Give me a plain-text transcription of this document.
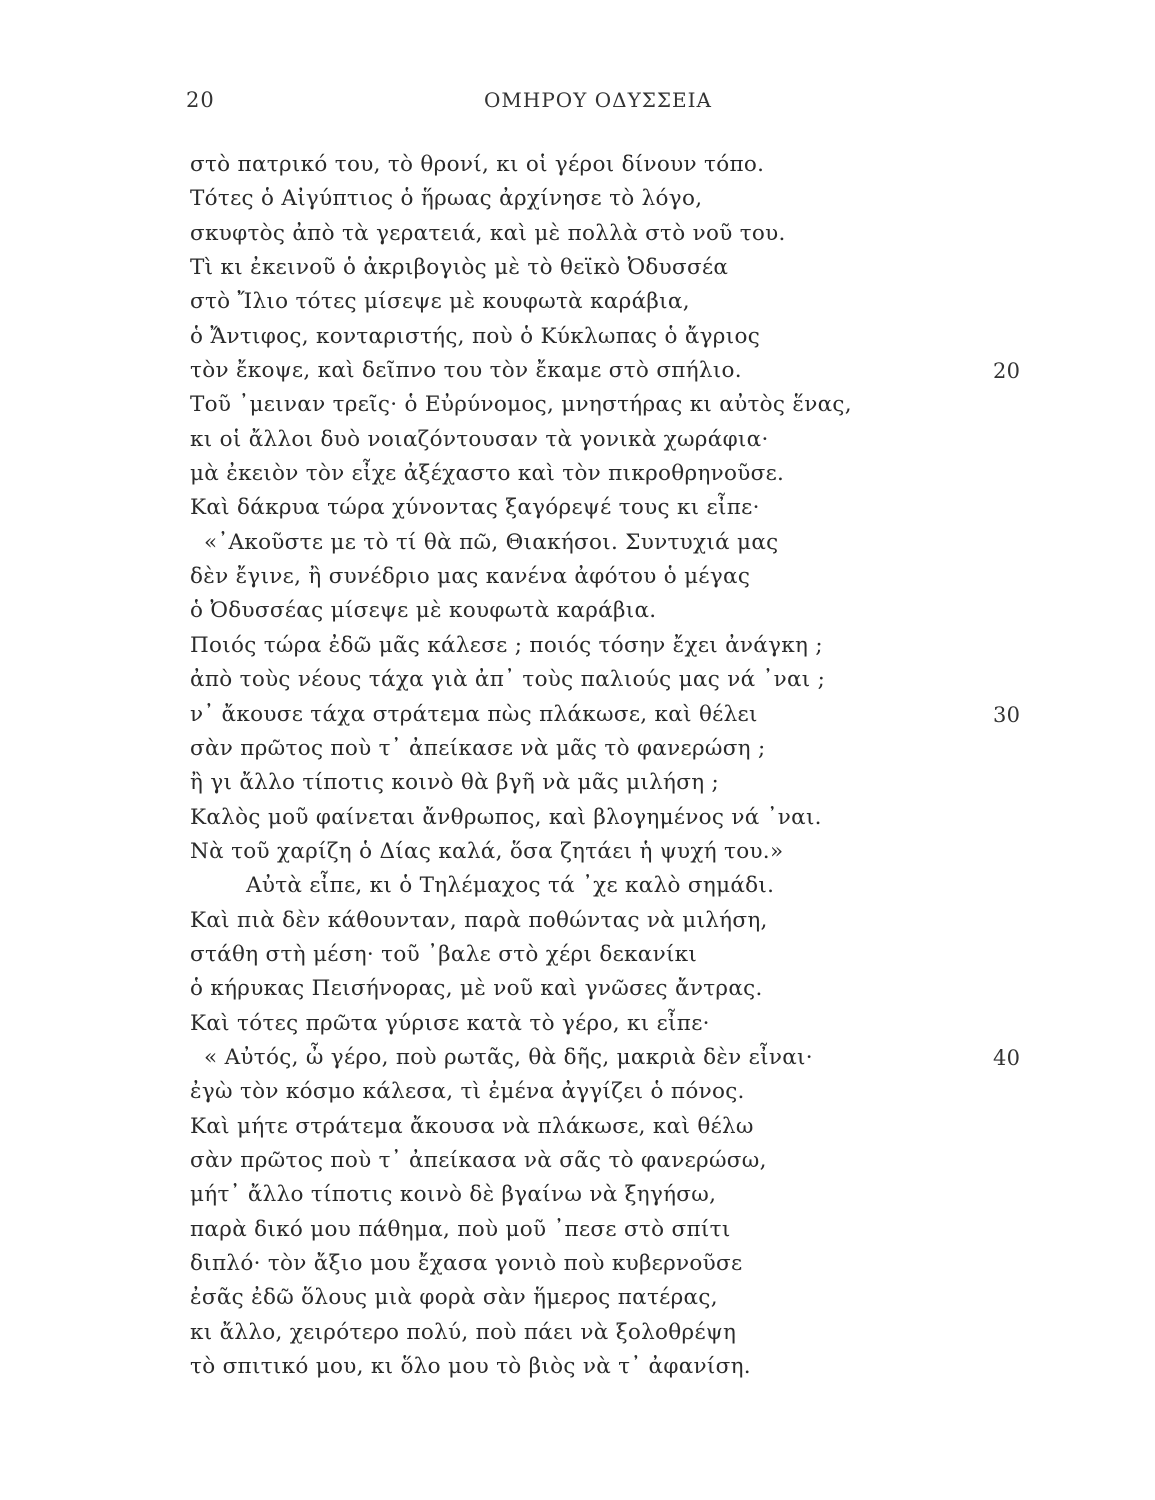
20	ΟΜΗΡΟΥ ΟΔΥΣΣΕΙΑ
στὸ πατρικό του, τὸ θρονί, κι οἱ γέροι δίνουν τόπο.
Τότες ὁ Αἰγύπτιος ὁ ἥρωας ἀρχίνησε τὸ λόγο,
σκυφτὸς ἀπὸ τὰ γερατειά, καὶ μὲ πολλὰ στὸ νοῦ του.
Τὶ κι ἐκεινοῦ ὁ ἀκριβογιὸς μὲ τὸ θεϊκὸ Ὀδυσσέα
στὸ Ἴλιο τότες μίσεψε μὲ κουφωτὰ καράβια,
ὁ Ἄντιφος, κονταριστής, ποὺ ὁ Κύκλωπας ὁ ἄγριος
τὸν ἔκοψε, καὶ δεῖπνο του τὸν ἔκαμε στὸ σπήλιο.	20
Τοῦ ᾽μειναν τρεῖς· ὁ Εὐρύνομος, μνηστήρας κι αὐτὸς ἕνας,
κι οἱ ἄλλοι δυὸ νοιαζόντουσαν τὰ γονικὰ χωράφια·
μὰ ἐκειὸν τὸν εἶχε ἀξέχαστο καὶ τὸν πικροθρηνοῦσε.
Καὶ δάκρυα τώρα χύνοντας ξαγόρεψέ τους κι εἶπε·
«᾽Ακοῦστε με τὸ τί θὰ πῶ, Θιακήσοι. Συντυχιά μας
δὲν ἔγινε, ἢ συνέδριο μας κανένα ἀφότου ὁ μέγας
ὁ Ὀδυσσέας μίσεψε μὲ κουφωτὰ καράβια.
Ποιός τώρα ἐδῶ μᾶς κάλεσε ; ποιός τόσην ἔχει ἀνάγκη ;
ἀπὸ τοὺς νέους τάχα γιὰ ἀπ᾽ τοὺς παλιούς μας νά ᾽ναι ;
ν᾽ ἄκουσε τάχα στράτεμα πὼς πλάκωσε, καὶ θέλει	30
σὰν πρῶτος ποὺ τ᾽ ἀπείκασε νὰ μᾶς τὸ φανερώση ;
ἢ γι ἄλλο τίποτις κοινὸ θὰ βγῆ νὰ μᾶς μιλήση ;
Καλὸς μοῦ φαίνεται ἄνθρωπος, καὶ βλογημένος νά ᾽ναι.
Νὰ τοῦ χαρίζη ὁ Δίας καλά, ὅσα ζητάει ἡ ψυχή του.»
Αὐτὰ εἶπε, κι ὁ Τηλέμαχος τά ᾽χε καλὸ σημάδι.
Καὶ πιὰ δὲν κάθουνταν, παρὰ ποθώντας νὰ μιλήση,
στάθη στὴ μέση· τοῦ ᾽βαλε στὸ χέρι δεκανίκι
ὁ κήρυκας Πεισήνορας, μὲ νοῦ καὶ γνῶσες ἄντρας.
Καὶ τότες πρῶτα γύρισε κατὰ τὸ γέρο, κι εἶπε·
« Αὐτός, ὦ γέρο, ποὺ ρωτᾶς, θὰ δῆς, μακριὰ δὲν εἶναι·	40
ἐγὼ τὸν κόσμο κάλεσα, τὶ ἐμένα ἀγγίζει ὁ πόνος.
Καὶ μήτε στράτεμα ἄκουσα νὰ πλάκωσε, καὶ θέλω
σὰν πρῶτος ποὺ τ᾽ ἀπείκασα νὰ σᾶς τὸ φανερώσω,
μήτ᾽ ἄλλο τίποτις κοινὸ δὲ βγαίνω νὰ ξηγήσω,
παρὰ δικό μου πάθημα, ποὺ μοῦ ᾽πεσε στὸ σπίτι
διπλό· τὸν ἄξιο μου ἔχασα γονιὸ ποὺ κυβερνοῦσε
ἐσᾶς ἐδῶ ὅλους μιὰ φορὰ σὰν ἥμερος πατέρας,
κι ἄλλο, χειρότερο πολύ, ποὺ πάει νὰ ξολοθρέψη
τὸ σπιτικό μου, κι ὅλο μου τὸ βιὸς νὰ τ᾽ ἀφανίση.
